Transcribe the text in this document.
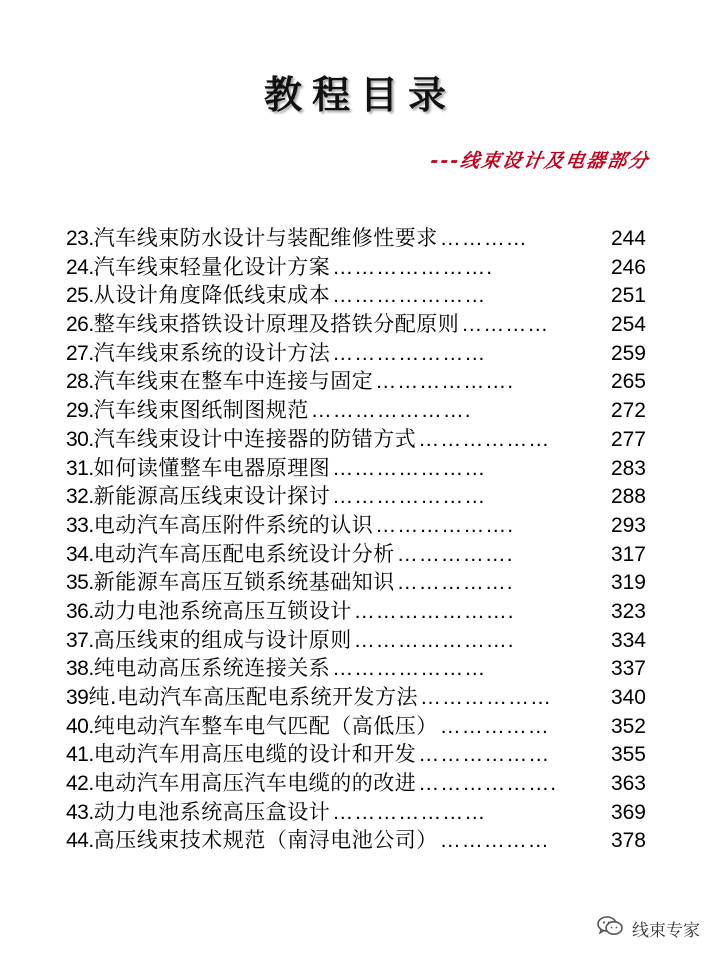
教程目录
---线束设计及电器部分
23. 汽车线束防水设计与装配维修性要求 …………	244
24. 汽车线束轻量化设计方案 ………………….	246
25. 从设计角度降低线束成本 …………………	251
26. 整车线束搭铁设计原理及搭铁分配原则 …………	254
27. 汽车线束系统的设计方法 …………………	259
28. 汽车线束在整车中连接与固定 ……………….	265
29. 汽车线束图纸制图规范 ………………….	272
30. 汽车线束设计中连接器的防错方式 ………………	277
31. 如何读懂整车电器原理图 …………………	283
32. 新能源高压线束设计探讨 …………………	288
33. 电动汽车高压附件系统的认识 ……………….	293
34. 电动汽车高压配电系统设计分析 …………….	317
35. 新能源车高压互锁系统基础知识 …………….	319
36. 动力电池系统高压互锁设计 ………………….	323
37. 高压线束的组成与设计原则 ………………….	334
38. 纯电动高压系统连接关系 …………………	337
39 纯.电动汽车高压配电系统开发方法 ………………	340
40. 纯电动汽车整车电气匹配（高低压） ……………	352
41. 电动汽车用高压电缆的设计和开发 ………………	355
42. 电动汽车用高压汽车电缆的的改进 ……………….	363
43. 动力电池系统高压盒设计 …………………	369
44. 高压线束技术规范（南浔电池公司） ……………	378
线束专家
